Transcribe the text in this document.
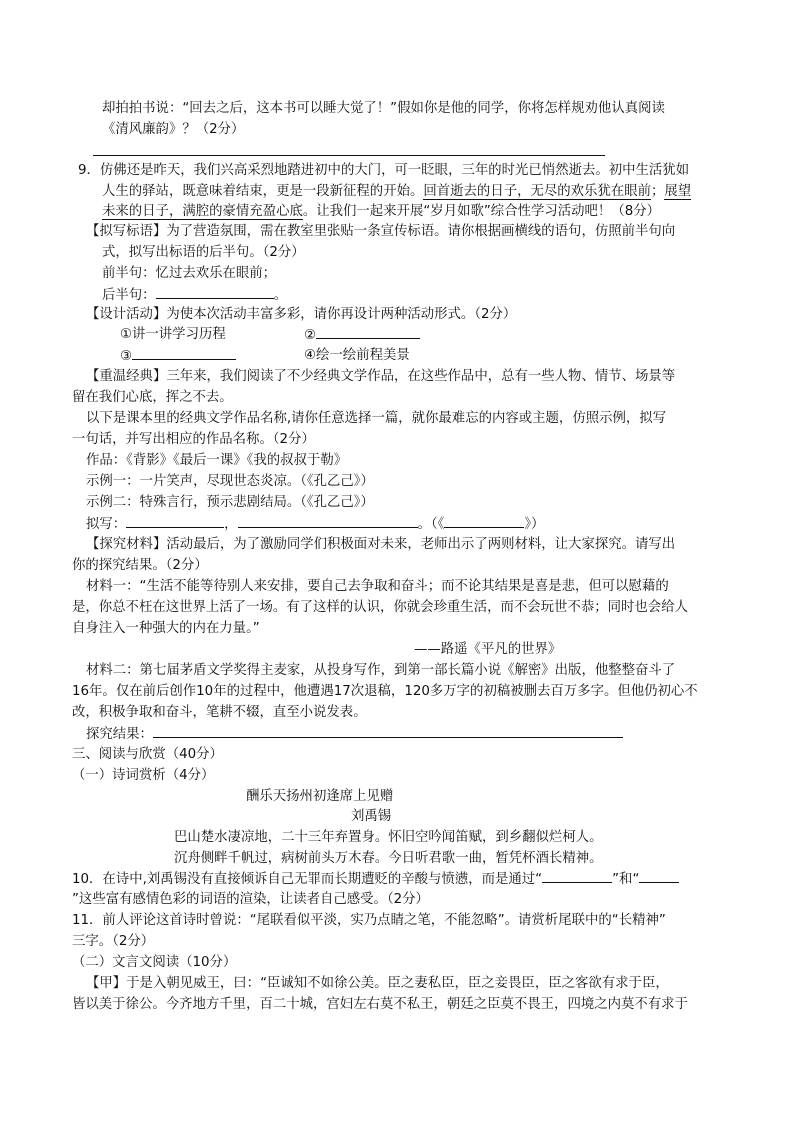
却拍拍书说：“回去之后，这本书可以睡大觉了！”假如你是他的同学，你将怎样规劝他认真阅读
《清风廉韵》？（2分）
9．仿佛还是昨天，我们兴高采烈地踏进初中的大门，可一眨眼，三年的时光已悄然逝去。初中生活犹如
人生的驿站，既意味着结束，更是一段新征程的开始。回首逝去的日子，无尽的欢乐犹在眼前；展望
未来的日子，满腔的豪情充盈心底。让我们一起来开展“岁月如歌”综合性学习活动吧！（8分）
【拟写标语】为了营造氛围，需在教室里张贴一条宣传标语。请你根据画横线的语句，仿照前半句向
式，拟写出标语的后半句。（2分）
前半句：忆过去欢乐在眼前；
后半句：	。
【设计活动】为使本次活动丰富多彩，请你再设计两种活动形式。（2分）
①讲一讲学习历程	②
③	④绘一绘前程美景
【重温经典】三年来，我们阅读了不少经典文学作品，在这些作品中，总有一些人物、情节、场景等
留在我们心底，挥之不去。
以下是课本里的经典文学作品名称,请你任意选择一篇，就你最难忘的内容或主题，仿照示例，拟写
一句话，并写出相应的作品名称。（2分）
作品：《背影》《最后一课》《我的叔叔于勒》
示例一：一片笑声，尽现世态炎凉。（《孔乙己》）
示例二：特殊言行，预示悲剧结局。（《孔乙己》）
拟写：	，	。（《	》）
【探究材料】活动最后，为了激励同学们积极面对未来，老师出示了两则材料，让大家探究。请写出
你的探究结果。（2分）
材料一：“生活不能等待别人来安排，要自己去争取和奋斗；而不论其结果是喜是悲，但可以慰藉的
是，你总不枉在这世界上活了一场。有了这样的认识，你就会珍重生活，而不会玩世不恭；同时也会给人
自身注入一种强大的内在力量。”
——路遥《平凡的世界》
材料二：第七届茅盾文学奖得主麦家，从投身写作，到第一部长篇小说《解密》出版，他整整奋斗了
16年。仅在前后创作10年的过程中，他遭遇17次退稿，120多万字的初稿被删去百万多字。但他仍初心不
改，积极争取和奋斗，笔耕不辍，直至小说发表。
探究结果：
三、阅读与欣赏（40分）
（一）诗词赏析（4分）
酬乐天扬州初逢席上见赠
刘禹锡
巴山楚水凄凉地，二十三年弃置身。怀旧空吟闻笛赋，到乡翻似烂柯人。
沉舟侧畔千帆过，病树前头万木春。今日听君歌一曲，暂凭杯酒长精神。
10．在诗中,刘禹锡没有直接倾诉自己无罪而长期遭贬的辛酸与愤懑，而是通过“	”和“
”这些富有感情色彩的词语的渲染，让读者自己感受。（2分）
11．前人评论这首诗时曾说：“尾联看似平淡，实乃点睛之笔，不能忽略”。请赏析尾联中的“长精神”
三字。（2分）
（二）文言文阅读（10分）
【甲】于是入朝见威王，曰：“臣诚知不如徐公美。臣之妻私臣，臣之妾畏臣，臣之客欲有求于臣，
皆以美于徐公。今齐地方千里，百二十城，宫妇左右莫不私王，朝廷之臣莫不畏王，四境之内莫不有求于
